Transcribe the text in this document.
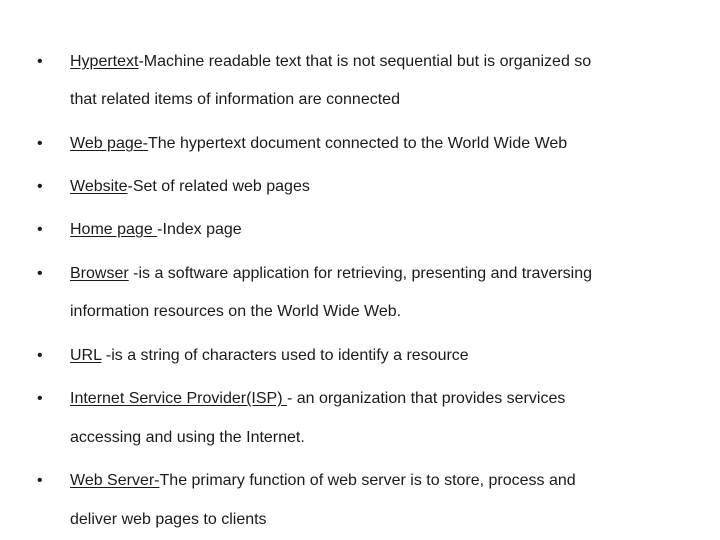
• Hypertext-Machine readable text that is not sequential but is organized so
that related items of information are connected
• Web page-The hypertext document connected to the World Wide Web
• Website-Set of related web pages
• Home page -Index page
• Browser -is a software application for retrieving, presenting and traversing
information resources on the World Wide Web.
• URL -is a string of characters used to identify a resource
• Internet Service Provider(ISP) - an organization that provides services
accessing and using the Internet.
• Web Server-The primary function of web server is to store, process and
deliver web pages to clients
